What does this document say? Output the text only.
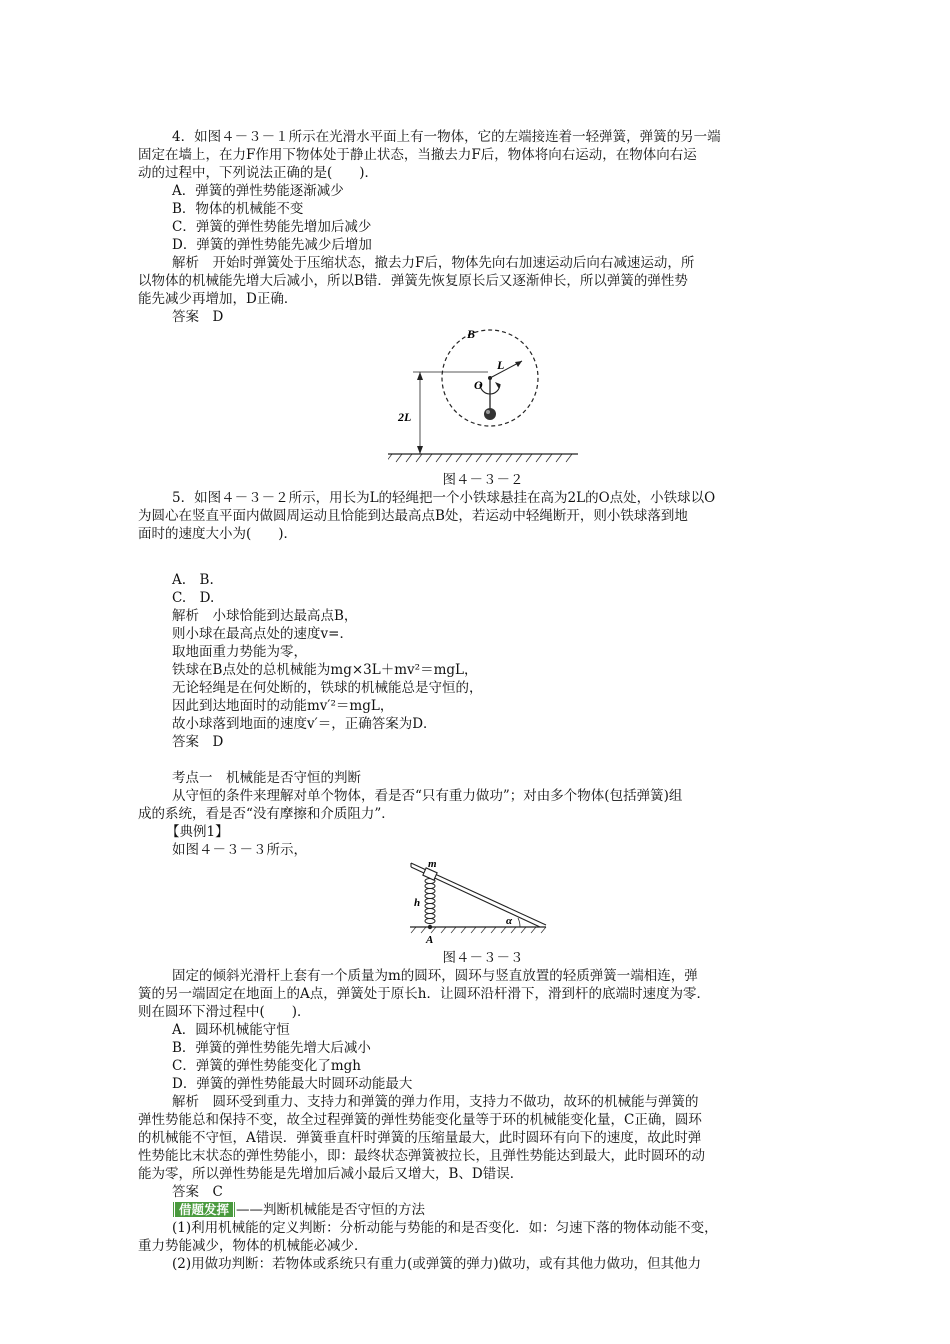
4．如图４－３－１所示在光滑水平面上有一物体，它的左端接连着一轻弹簧，弹簧的另一端

固定在墙上，在力F作用下物体处于静止状态，当撤去力F后，物体将向右运动，在物体向右运

动的过程中，下列说法正确的是(　　)．

A．弹簧的弹性势能逐渐减少

B．物体的机械能不变

C．弹簧的弹性势能先增加后减少

D．弹簧的弹性势能先减少后增加

解析　开始时弹簧处于压缩状态，撤去力F后，物体先向右加速运动后向右减速运动，所

以物体的机械能先增大后减小，所以B错．弹簧先恢复原长后又逐渐伸长，所以弹簧的弹性势

能先减少再增加，D正确．

答案　D

B
L
O
2L

图４－３－２

5．如图４－３－２所示，用长为L的轻绳把一个小铁球悬挂在高为2L的O点处，小铁球以O

为圆心在竖直平面内做圆周运动且恰能到达最高点B处，若运动中轻绳断开，则小铁球落到地

面时的速度大小为(　　)．

A.　B.

C.　D.

解析　小球恰能到达最高点B，

则小球在最高点处的速度v=．

取地面重力势能为零，

铁球在B点处的总机械能为mg×3L＋mv²＝mgL，

无论轻绳是在何处断的，铁球的机械能总是守恒的，

因此到达地面时的动能mv′²＝mgL，

故小球落到地面的速度v′＝，正确答案为D．

答案　D

考点一　机械能是否守恒的判断

从守恒的条件来理解对单个物体，看是否“只有重力做功”；对由多个物体(包括弹簧)组

成的系统，看是否“没有摩擦和介质阻力”．

【典例1】

如图４－３－３所示，

m
h
A
α

图４－３－３

固定的倾斜光滑杆上套有一个质量为m的圆环，圆环与竖直放置的轻质弹簧一端相连，弹

簧的另一端固定在地面上的A点，弹簧处于原长h．让圆环沿杆滑下，滑到杆的底端时速度为零．

则在圆环下滑过程中(　　)．

A．圆环机械能守恒

B．弹簧的弹性势能先增大后减小

C．弹簧的弹性势能变化了mgh

D．弹簧的弹性势能最大时圆环动能最大

解析　圆环受到重力、支持力和弹簧的弹力作用，支持力不做功，故环的机械能与弹簧的

弹性势能总和保持不变，故全过程弹簧的弹性势能变化量等于环的机械能变化量，C正确，圆环

的机械能不守恒，A错误．弹簧垂直杆时弹簧的压缩量最大，此时圆环有向下的速度，故此时弹

性势能比末状态的弹性势能小，即：最终状态弹簧被拉长，且弹性势能达到最大，此时圆环的动

能为零，所以弹性势能是先增加后减小最后又增大，B、D错误．

答案　C

借题发挥 ——判断机械能是否守恒的方法

(1)利用机械能的定义判断：分析动能与势能的和是否变化．如：匀速下落的物体动能不变，

重力势能减少，物体的机械能必减少．

(2)用做功判断：若物体或系统只有重力(或弹簧的弹力)做功，或有其他力做功，但其他力
